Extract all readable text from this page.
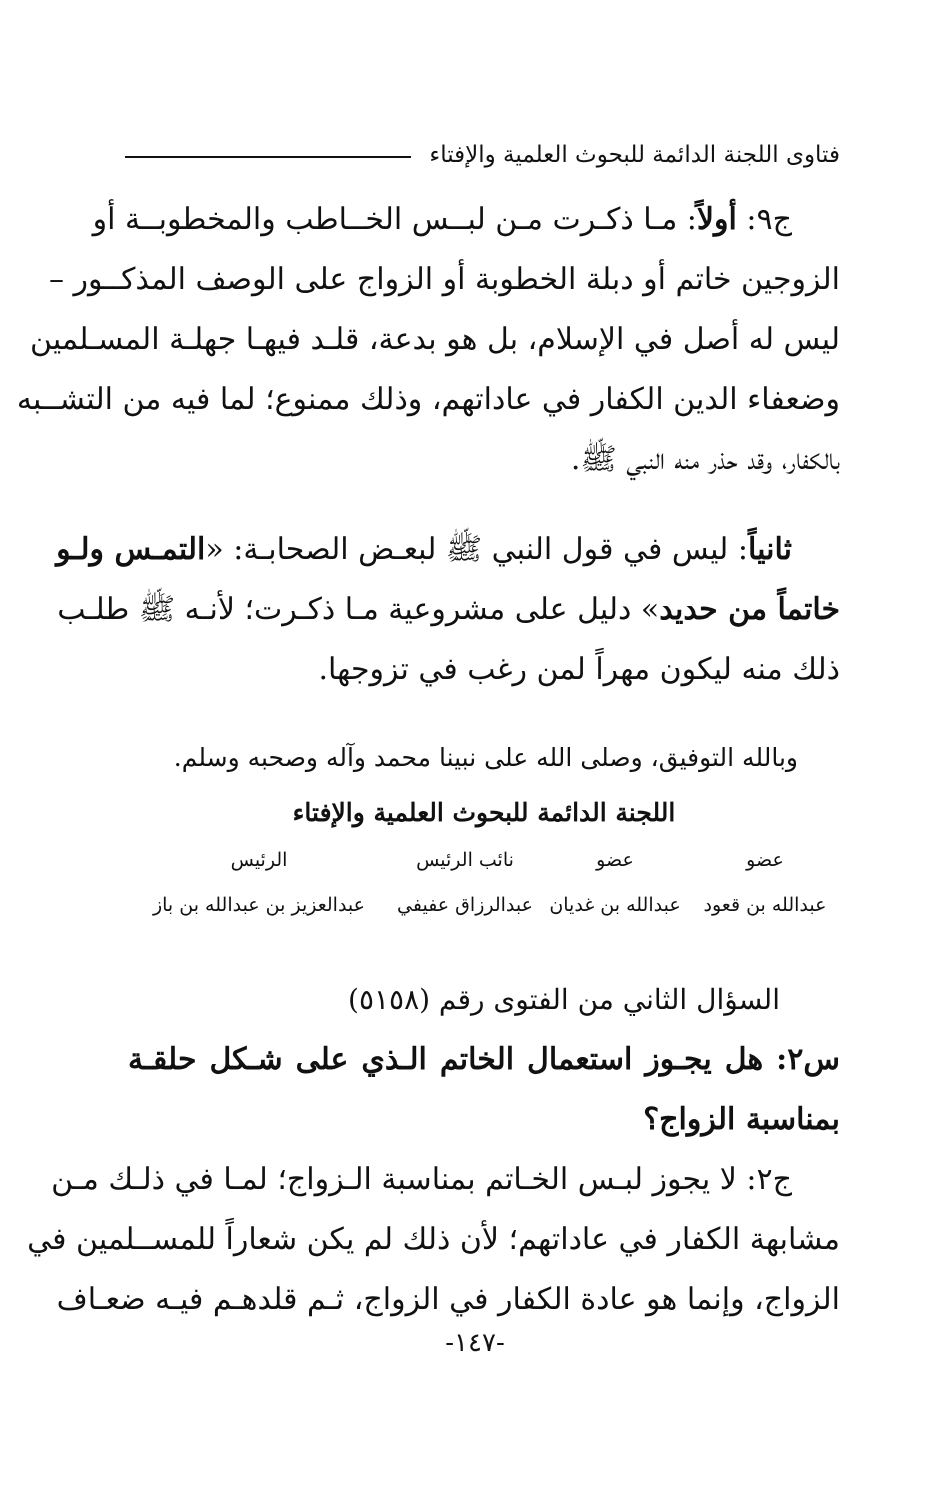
فتاوى اللجنة الدائمة للبحوث العلمية والإفتاء
ج٩: أولاً: مـا ذكـرت مـن لبــس الخــاطب والمخطوبــة أو
الزوجين خاتم أو دبلة الخطوبة أو الزواج على الوصف المذكــور –
ليس له أصل في الإسلام، بل هو بدعة، قلـد فيهـا جهلـة المسـلمين
وضعفاء الدين الكفار في عاداتهم، وذلك ممنوع؛ لما فيه من التشــبه
بالكفار، وقد حذر منه النبي ﷺ.
ثانياً: ليس في قول النبي ﷺ لبعـض الصحابـة: «التمـس ولـو
خاتماً من حديد» دليل على مشروعية مـا ذكـرت؛ لأنـه ﷺ طلـب
ذلك منه ليكون مهراً لمن رغب في تزوجها.
وبالله التوفيق، وصلى الله على نبينا محمد وآله وصحبه وسلم.
اللجنة الدائمة للبحوث العلمية والإفتاء
عضو
عضو
نائب الرئيس
الرئيس
عبدالله بن قعود
عبدالله بن غديان
عبدالرزاق عفيفي
عبدالعزيز بن عبدالله بن باز
السؤال الثاني من الفتوى رقم (٥١٥٨)
س٢: هل يجـوز استعمال الخاتم الـذي على شـكل حلقـة
بمناسبة الزواج؟
ج٢: لا يجوز لبـس الخـاتم بمناسبة الـزواج؛ لمـا في ذلـك مـن
مشابهة الكفار في عاداتهم؛ لأن ذلك لم يكن شعاراً للمســلمين في
الزواج، وإنما هو عادة الكفار في الزواج، ثـم قلدهـم فيـه ضعـاف
-١٤٧-
